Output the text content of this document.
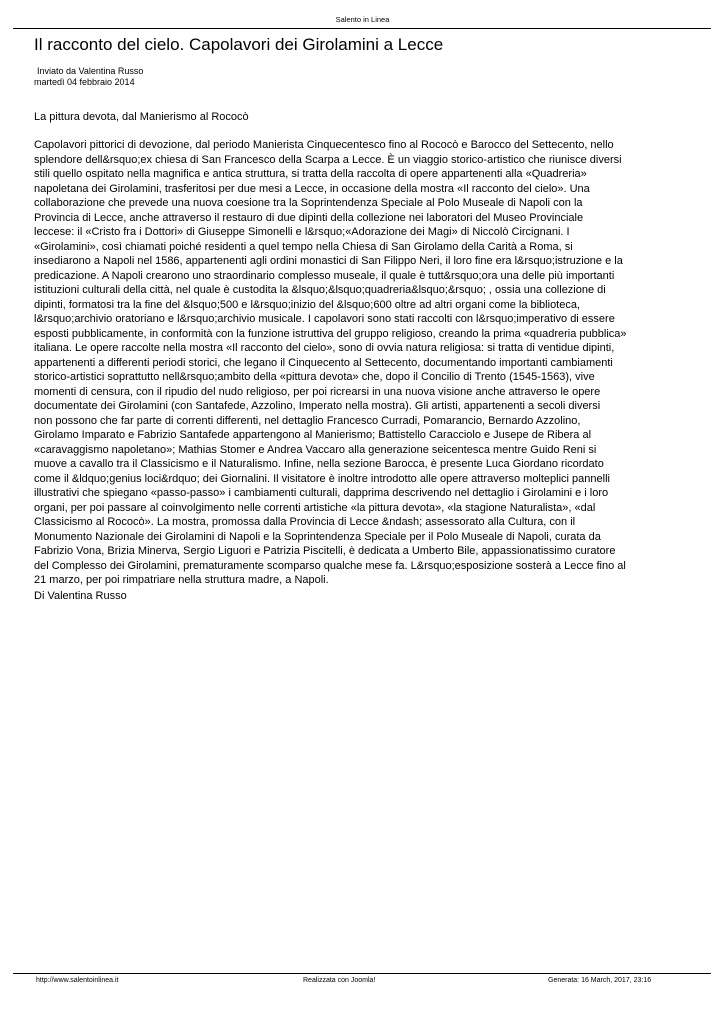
Salento in Linea
Il racconto del cielo. Capolavori dei Girolamini a Lecce
Inviato da Valentina Russo
martedì 04 febbraio 2014
La pittura devota, dal Manierismo al Rococò

Capolavori pittorici di devozione, dal periodo Manierista Cinquecentesco fino al Rococò e Barocco del Settecento, nello
splendore dell&rsquo;ex chiesa di San Francesco della Scarpa a Lecce. È un viaggio storico-artistico che riunisce diversi
stili quello ospitato nella magnifica e antica struttura, si tratta della raccolta di opere appartenenti alla «Quadreria»
napoletana dei Girolamini, trasferitosi per due mesi a Lecce, in occasione della mostra «Il racconto del cielo». Una
collaborazione che prevede una nuova coesione tra la Soprintendenza Speciale al Polo Museale di Napoli con la
Provincia di Lecce, anche attraverso il restauro di due dipinti della collezione nei laboratori del Museo Provinciale
leccese: il «Cristo fra i Dottori» di Giuseppe Simonelli e l&rsquo;«Adorazione dei Magi» di Niccolò Circignani. I
«Girolamini», così chiamati poiché residenti a quel tempo nella Chiesa di San Girolamo della Carità a Roma, si
insediarono a Napoli nel 1586, appartenenti agli ordini monastici di San Filippo Neri, il loro fine era l&rsquo;istruzione e la
predicazione. A Napoli crearono uno straordinario complesso museale, il quale è tutt&rsquo;ora una delle più importanti
istituzioni culturali della città, nel quale è custodita la &lsquo;&lsquo;quadreria&lsquo;&rsquo; , ossia una collezione di
dipinti, formatosi tra la fine del &lsquo;500 e l&rsquo;inizio del &lsquo;600 oltre ad altri organi come la biblioteca,
l&rsquo;archivio oratoriano e l&rsquo;archivio musicale. I capolavori sono stati raccolti con l&rsquo;imperativo di essere
esposti pubblicamente, in conformità con la funzione istruttiva del gruppo religioso, creando la prima «quadreria pubblica»
italiana. Le opere raccolte nella mostra «Il racconto del cielo», sono di ovvia natura religiosa: si tratta di ventidue dipinti,
appartenenti a differenti periodi storici, che legano il Cinquecento al Settecento, documentando importanti cambiamenti
storico-artistici soprattutto nell&rsquo;ambito della «pittura devota» che, dopo il Concilio di Trento (1545-1563), vive
momenti di censura, con il ripudio del nudo religioso, per poi ricrearsi in una nuova visione anche attraverso le opere
documentate dei Girolamini (con Santafede, Azzolino, Imperato nella mostra). Gli artisti, appartenenti a secoli diversi
non possono che far parte di correnti differenti, nel dettaglio Francesco Curradi, Pomarancio, Bernardo Azzolino,
Girolamo Imparato e Fabrizio Santafede appartengono al Manierismo; Battistello Caracciolo e Jusepe de Ribera al
«caravaggismo napoletano»; Mathias Stomer e Andrea Vaccaro alla generazione seicentesca mentre Guido Reni si
muove a cavallo tra il Classicismo e il Naturalismo. Infine, nella sezione Barocca, è presente Luca Giordano ricordato
come il &ldquo;genius loci&rdquo; dei Giornalini. Il visitatore è inoltre introdotto alle opere attraverso molteplici pannelli
illustrativi che spiegano «passo-passo» i cambiamenti culturali, dapprima descrivendo nel dettaglio i Girolamini e i loro
organi, per poi passare al coinvolgimento nelle correnti artistiche «la pittura devota», «la stagione Naturalista», «dal
Classicismo al Rococò». La mostra, promossa dalla Provincia di Lecce &ndash; assessorato alla Cultura, con il
Monumento Nazionale dei Girolamini di Napoli e la Soprintendenza Speciale per il Polo Museale di Napoli, curata da
Fabrizio Vona, Brizia Minerva, Sergio Liguori e Patrizia Piscitelli, è dedicata a Umberto Bile, appassionatissimo curatore
del Complesso dei Girolamini, prematuramente scomparso qualche mese fa. L&rsquo;esposizione sosterà a Lecce fino al
21 marzo, per poi rimpatriare nella struttura madre, a Napoli.

Di Valentina Russo
http://www.salentoinlinea.it	Realizzata con Joomla!	Generata: 16 March, 2017, 23:16
